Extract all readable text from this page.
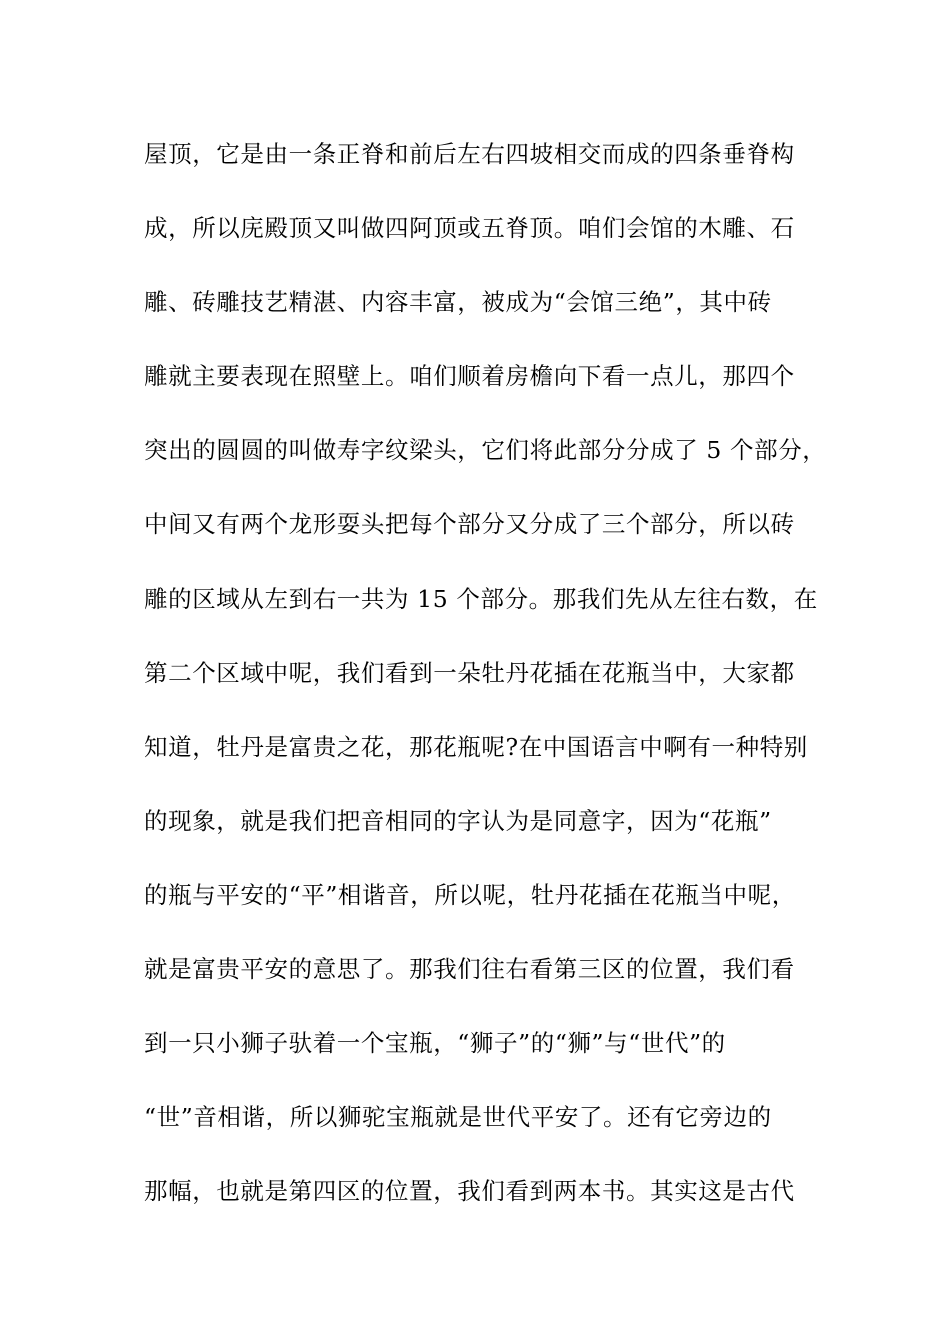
屋顶，它是由一条正脊和前后左右四坡相交而成的四条垂脊构
成，所以庑殿顶又叫做四阿顶或五脊顶。咱们会馆的木雕、石
雕、砖雕技艺精湛、内容丰富，被成为“会馆三绝”，其中砖
雕就主要表现在照壁上。咱们顺着房檐向下看一点儿，那四个
突出的圆圆的叫做寿字纹梁头，它们将此部分分成了 5 个部分，
中间又有两个龙形耍头把每个部分又分成了三个部分，所以砖
雕的区域从左到右一共为 15 个部分。那我们先从左往右数，在
第二个区域中呢，我们看到一朵牡丹花插在花瓶当中，大家都
知道，牡丹是富贵之花，那花瓶呢?在中国语言中啊有一种特别
的现象，就是我们把音相同的字认为是同意字，因为“花瓶”
的瓶与平安的“平”相谐音，所以呢，牡丹花插在花瓶当中呢，
就是富贵平安的意思了。那我们往右看第三区的位置，我们看
到一只小狮子驮着一个宝瓶，“狮子”的“狮”与“世代”的
“世”音相谐，所以狮驼宝瓶就是世代平安了。还有它旁边的
那幅，也就是第四区的位置，我们看到两本书。其实这是古代
